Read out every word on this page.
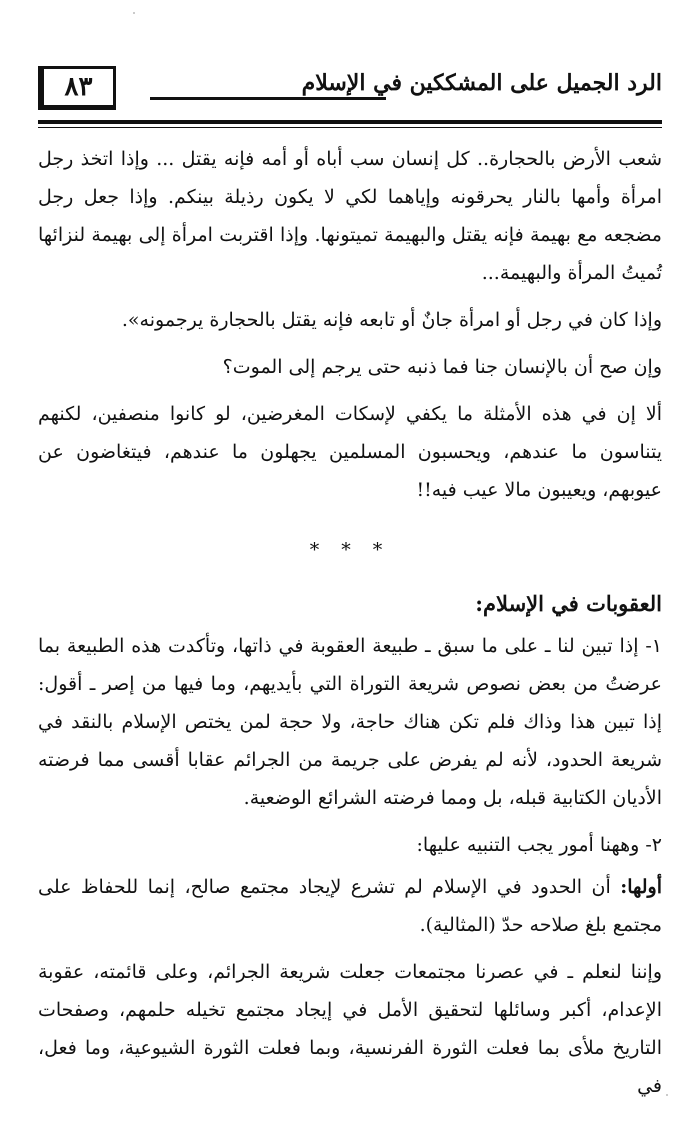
٨٣	الرد الجميل على المشككين في الإسلام

شعب الأرض بالحجارة.. كل إنسان سب أباه أو أمه فإنه يقتل ... وإذا اتخذ رجل امرأة وأمها بالنار يحرقونه وإياهما لكي لا يكون رذيلة بينكم. وإذا جعل رجل مضجعه مع بهيمة فإنه يقتل والبهيمة تميتونها. وإذا اقتربت امرأة إلى بهيمة لنزائها تُميتُ المرأة والبهيمة...

وإذا كان في رجل أو امرأة جانٌ أو تابعه فإنه يقتل بالحجارة يرجمونه».

وإن صح أن بالإنسان جنا فما ذنبه حتى يرجم إلى الموت؟

ألا إن في هذه الأمثلة ما يكفي لإسكات المغرضين، لو كانوا منصفين، لكنهم يتناسون ما عندهم، ويحسبون المسلمين يجهلون ما عندهم، فيتغاضون عن عيوبهم، ويعيبون مالا عيب فيه!!

* * *

العقوبات في الإسلام:

١- إذا تبين لنا ـ على ما سبق ـ طبيعة العقوبة في ذاتها، وتأكدت هذه الطبيعة بما عرضتُ من بعض نصوص شريعة التوراة التي بأيديهم، وما فيها من إصر ـ أقول: إذا تبين هذا وذاك فلم تكن هناك حاجة، ولا حجة لمن يختص الإسلام بالنقد في شريعة الحدود، لأنه لم يفرض على جريمة من الجرائم عقابا أقسى مما فرضته الأديان الكتابية قبله، بل ومما فرضته الشرائع الوضعية.

٢- وههنا أمور يجب التنبيه عليها:

أولها: أن الحدود في الإسلام لم تشرع لإيجاد مجتمع صالح، إنما للحفاظ على مجتمع بلغ صلاحه حدّ (المثالية).

وإننا لنعلم ـ في عصرنا مجتمعات جعلت شريعة الجرائم، وعلى قائمته، عقوبة الإعدام، أكبر وسائلها لتحقيق الأمل في إيجاد مجتمع تخيله حلمهم، وصفحات التاريخ ملأى بما فعلت الثورة الفرنسية، وبما فعلت الثورة الشيوعية، وما فعل، في
